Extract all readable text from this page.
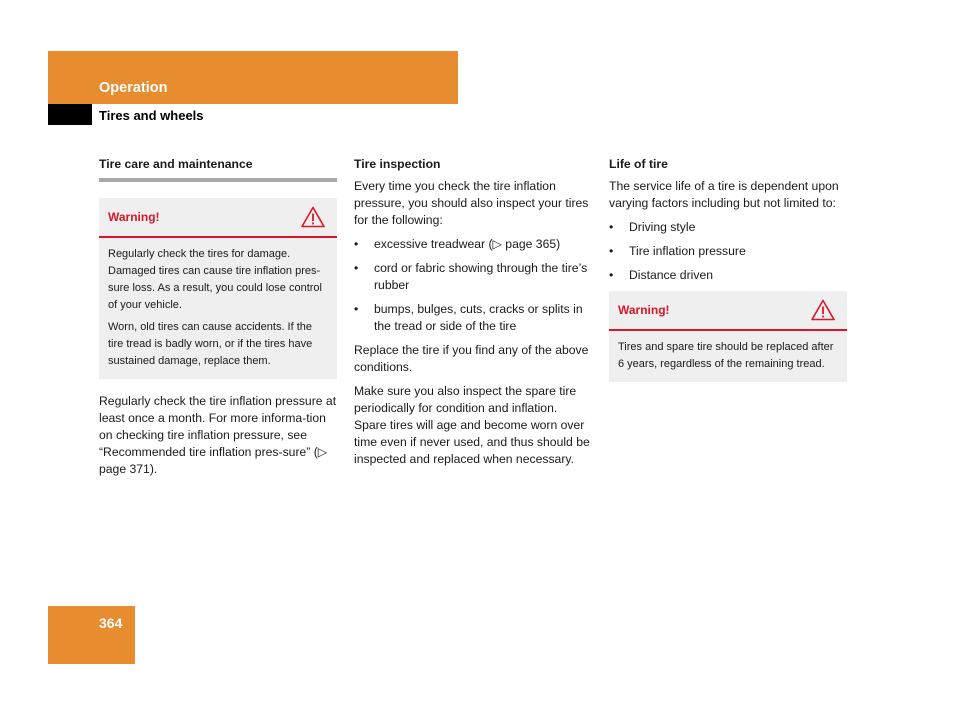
Operation
Tires and wheels
Tire care and maintenance
Warning!

Regularly check the tires for damage. Damaged tires can cause tire inflation pres-sure loss. As a result, you could lose control of your vehicle.

Worn, old tires can cause accidents. If the tire tread is badly worn, or if the tires have sustained damage, replace them.

Regularly check the tire inflation pressure at least once a month. For more informa-tion on checking tire inflation pressure, see “Recommended tire inflation pres-sure” (▷ page 371).

Tire inspection

Every time you check the tire inflation pressure, you should also inspect your tires for the following:

• excessive treadwear (▷ page 365)
• cord or fabric showing through the tire’s rubber
• bumps, bulges, cuts, cracks or splits in the tread or side of the tire

Replace the tire if you find any of the above conditions.

Make sure you also inspect the spare tire periodically for condition and inflation. Spare tires will age and become worn over time even if never used, and thus should be inspected and replaced when necessary.

Life of tire

The service life of a tire is dependent upon varying factors including but not limited to:

• Driving style
• Tire inflation pressure
• Distance driven
Warning!

Tires and spare tire should be replaced after 6 years, regardless of the remaining tread.

364
